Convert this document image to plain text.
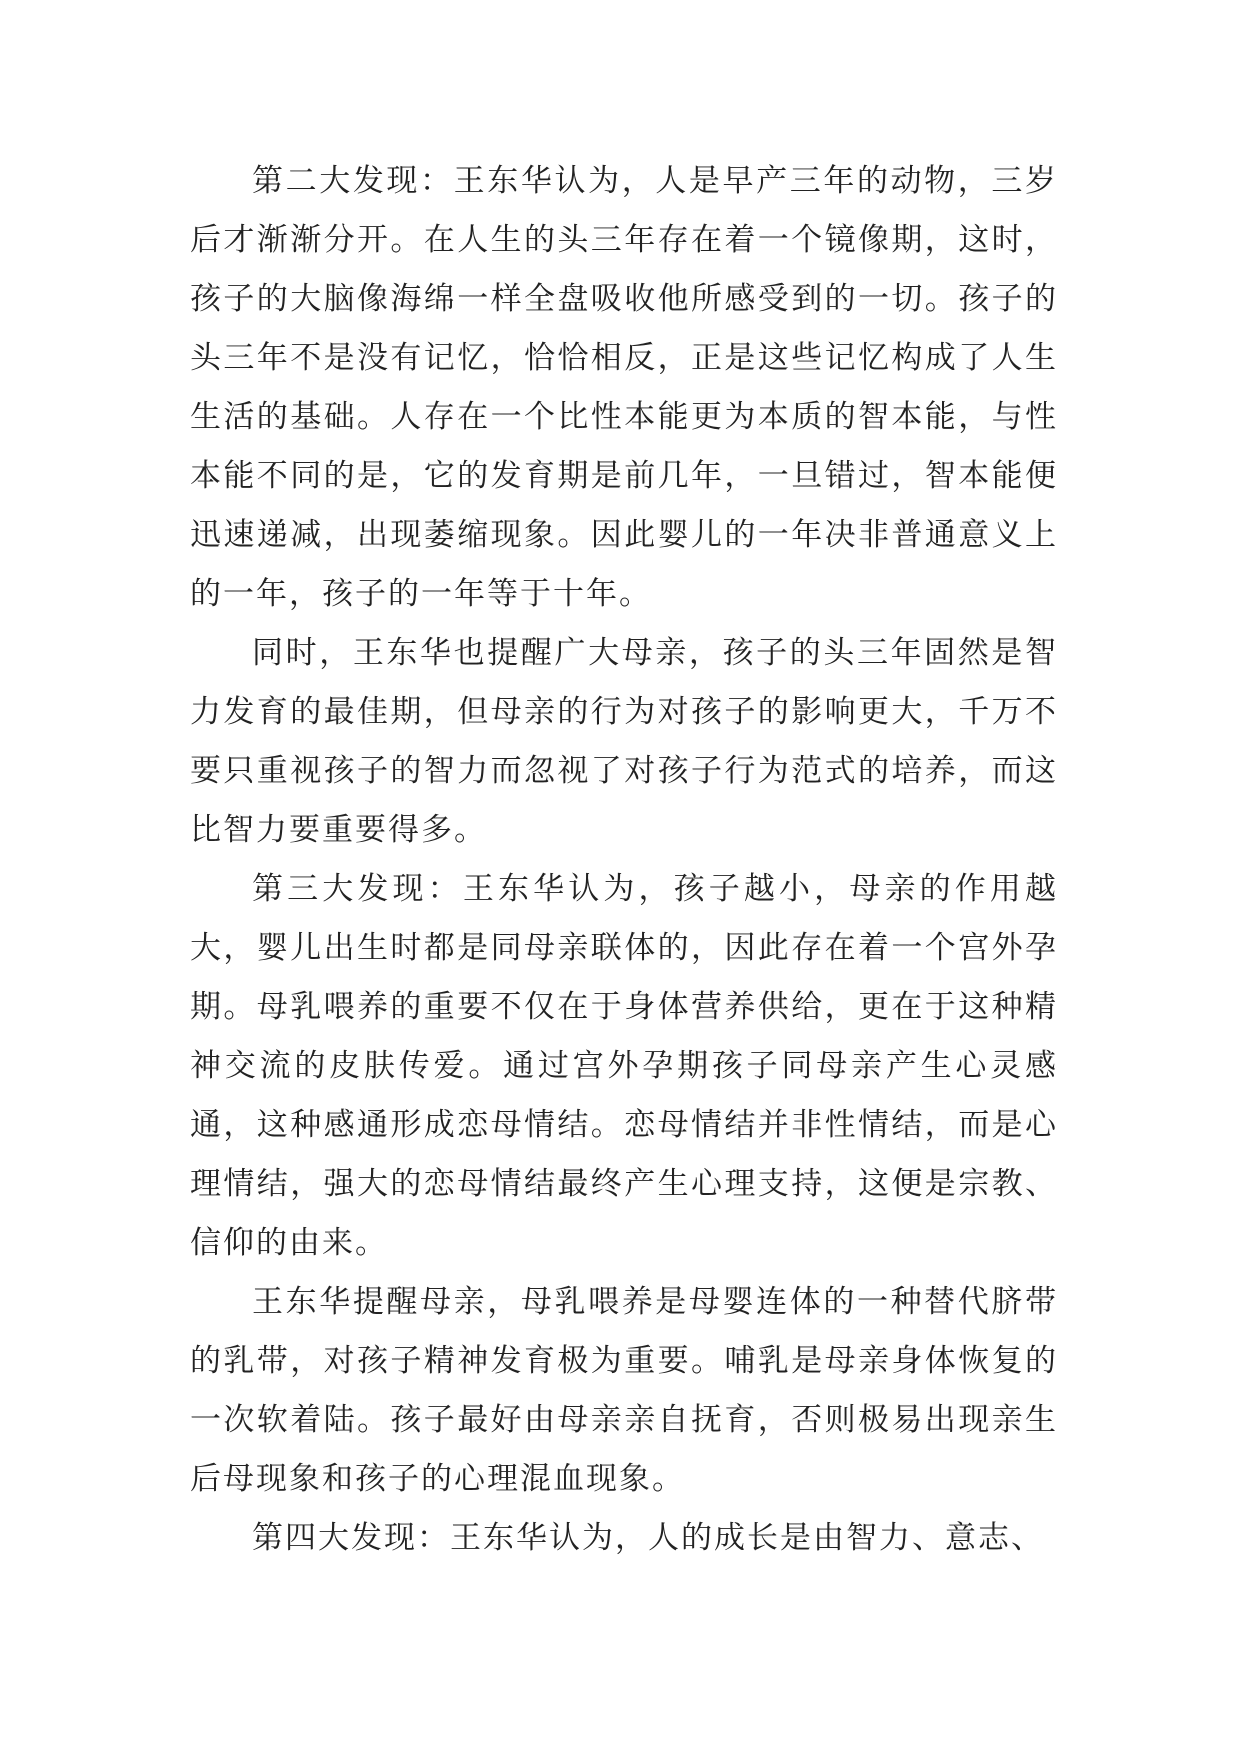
第二大发现：王东华认为，人是早产三年的动物，三岁后才渐渐分开。在人生的头三年存在着一个镜像期，这时，孩子的大脑像海绵一样全盘吸收他所感受到的一切。孩子的头三年不是没有记忆，恰恰相反，正是这些记忆构成了人生生活的基础。人存在一个比性本能更为本质的智本能，与性本能不同的是，它的发育期是前几年，一旦错过，智本能便迅速递减，出现萎缩现象。因此婴儿的一年决非普通意义上的一年，孩子的一年等于十年。

同时，王东华也提醒广大母亲，孩子的头三年固然是智力发育的最佳期，但母亲的行为对孩子的影响更大，千万不要只重视孩子的智力而忽视了对孩子行为范式的培养，而这比智力要重要得多。

第三大发现：王东华认为，孩子越小，母亲的作用越大，婴儿出生时都是同母亲联体的，因此存在着一个宫外孕期。母乳喂养的重要不仅在于身体营养供给，更在于这种精神交流的皮肤传爱。通过宫外孕期孩子同母亲产生心灵感通，这种感通形成恋母情结。恋母情结并非性情结，而是心理情结，强大的恋母情结最终产生心理支持，这便是宗教、信仰的由来。

王东华提醒母亲，母乳喂养是母婴连体的一种替代脐带的乳带，对孩子精神发育极为重要。哺乳是母亲身体恢复的一次软着陆。孩子最好由母亲亲自抚育，否则极易出现亲生后母现象和孩子的心理混血现象。

第四大发现：王东华认为，人的成长是由智力、意志、
